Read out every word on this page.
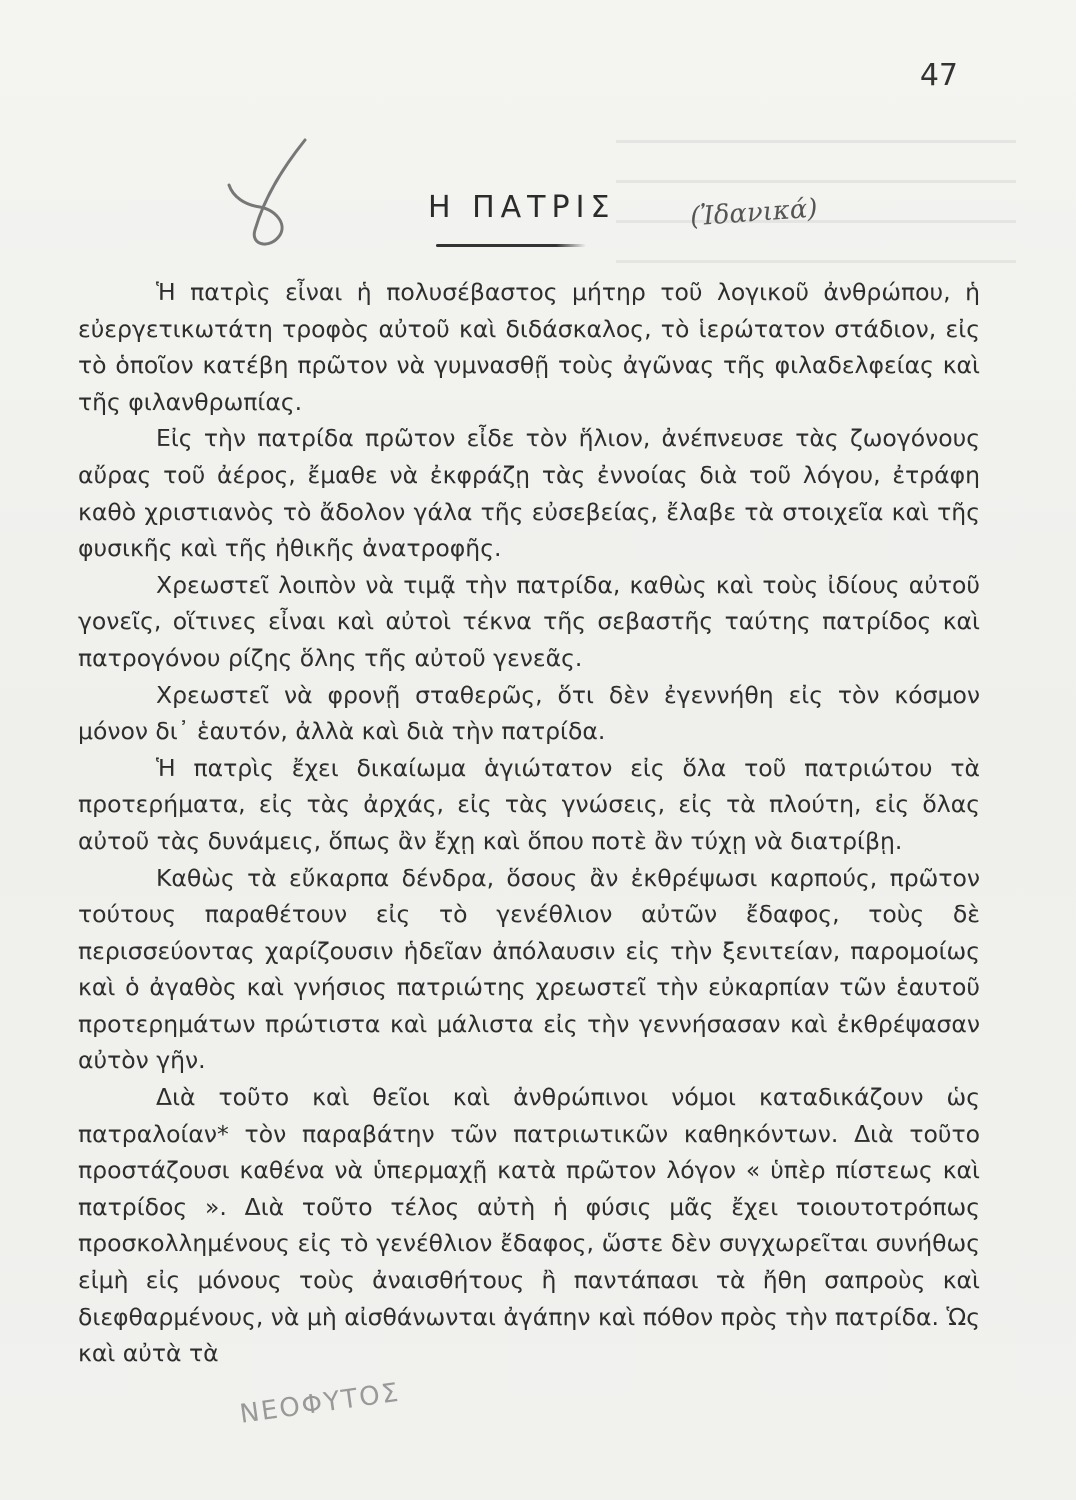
47
Η ΠΑΤΡΙΣ	(Ἰδανικά)

Ἡ πατρὶς εἶναι ἡ πολυσέβαστος μήτηρ τοῦ λογικοῦ ἀνθρώπου, ἡ εὐεργετικωτάτη τροφὸς αὐτοῦ καὶ διδάσκαλος, τὸ ἱερώτατον στάδιον, εἰς τὸ ὁποῖον κατέβη πρῶτον νὰ γυμνασθῇ τοὺς ἀγῶνας τῆς φιλαδελφείας καὶ τῆς φιλανθρωπίας.

Εἰς τὴν πατρίδα πρῶτον εἶδε τὸν ἥλιον, ἀνέπνευσε τὰς ζωογόνους αὔρας τοῦ ἀέρος, ἔμαθε νὰ ἐκφράζῃ τὰς ἐννοίας διὰ τοῦ λόγου, ἐτράφη καθὸ χριστιανὸς τὸ ἄδολον γάλα τῆς εὐσεβείας, ἔλαβε τὰ στοιχεῖα καὶ τῆς φυσικῆς καὶ τῆς ἠθικῆς ἀνατροφῆς.

Χρεωστεῖ λοιπὸν νὰ τιμᾷ τὴν πατρίδα, καθὼς καὶ τοὺς ἰδίους αὐτοῦ γονεῖς, οἵτινες εἶναι καὶ αὐτοὶ τέκνα τῆς σεβαστῆς ταύτης πατρίδος καὶ πατρογόνου ρίζης ὅλης τῆς αὐτοῦ γενεᾶς.

Χρεωστεῖ νὰ φρονῇ σταθερῶς, ὅτι δὲν ἐγεννήθη εἰς τὸν κόσμον μόνον δι᾿ ἑαυτόν, ἀλλὰ καὶ διὰ τὴν πατρίδα.

Ἡ πατρὶς ἔχει δικαίωμα ἁγιώτατον εἰς ὅλα τοῦ πατριώτου τὰ προτερήματα, εἰς τὰς ἀρχάς, εἰς τὰς γνώσεις, εἰς τὰ πλούτη, εἰς ὅλας αὐτοῦ τὰς δυνάμεις, ὅπως ἂν ἔχῃ καὶ ὅπου ποτὲ ἂν τύχῃ νὰ διατρίβῃ.

Καθὼς τὰ εὔκαρπα δένδρα, ὅσους ἂν ἐκθρέψωσι καρπούς, πρῶτον τούτους παραθέτουν εἰς τὸ γενέθλιον αὐτῶν ἔδαφος, τοὺς δὲ περισσεύοντας χαρίζουσιν ἡδεῖαν ἀπόλαυσιν εἰς τὴν ξενιτείαν, παρομοίως καὶ ὁ ἀγαθὸς καὶ γνήσιος πατριώτης χρεωστεῖ τὴν εὐκαρπίαν τῶν ἑαυτοῦ προτερημάτων πρώτιστα καὶ μάλιστα εἰς τὴν γεννήσασαν καὶ ἐκθρέψασαν αὐτὸν γῆν.

Διὰ τοῦτο καὶ θεῖοι καὶ ἀνθρώπινοι νόμοι καταδικάζουν ὡς πατραλοίαν* τὸν παραβάτην τῶν πατριωτικῶν καθηκόντων. Διὰ τοῦτο προστάζουσι καθένα νὰ ὑπερμαχῇ κατὰ πρῶτον λόγον « ὑπὲρ πίστεως καὶ πατρίδος ». Διὰ τοῦτο τέλος αὐτὴ ἡ φύσις μᾶς ἔχει τοιουτοτρόπως προσκολλημένους εἰς τὸ γενέθλιον ἔδαφος, ὥστε δὲν συγχωρεῖται συνήθως εἰμὴ εἰς μόνους τοὺς ἀναισθήτους ἢ παντάπασι τὰ ἤθη σαπροὺς καὶ διεφθαρμένους, νὰ μὴ αἰσθάνωνται ἀγάπην καὶ πόθον πρὸς τὴν πατρίδα. Ὡς καὶ αὐτὰ τὰ

ΝΕΟΦΥΤΟΣ
